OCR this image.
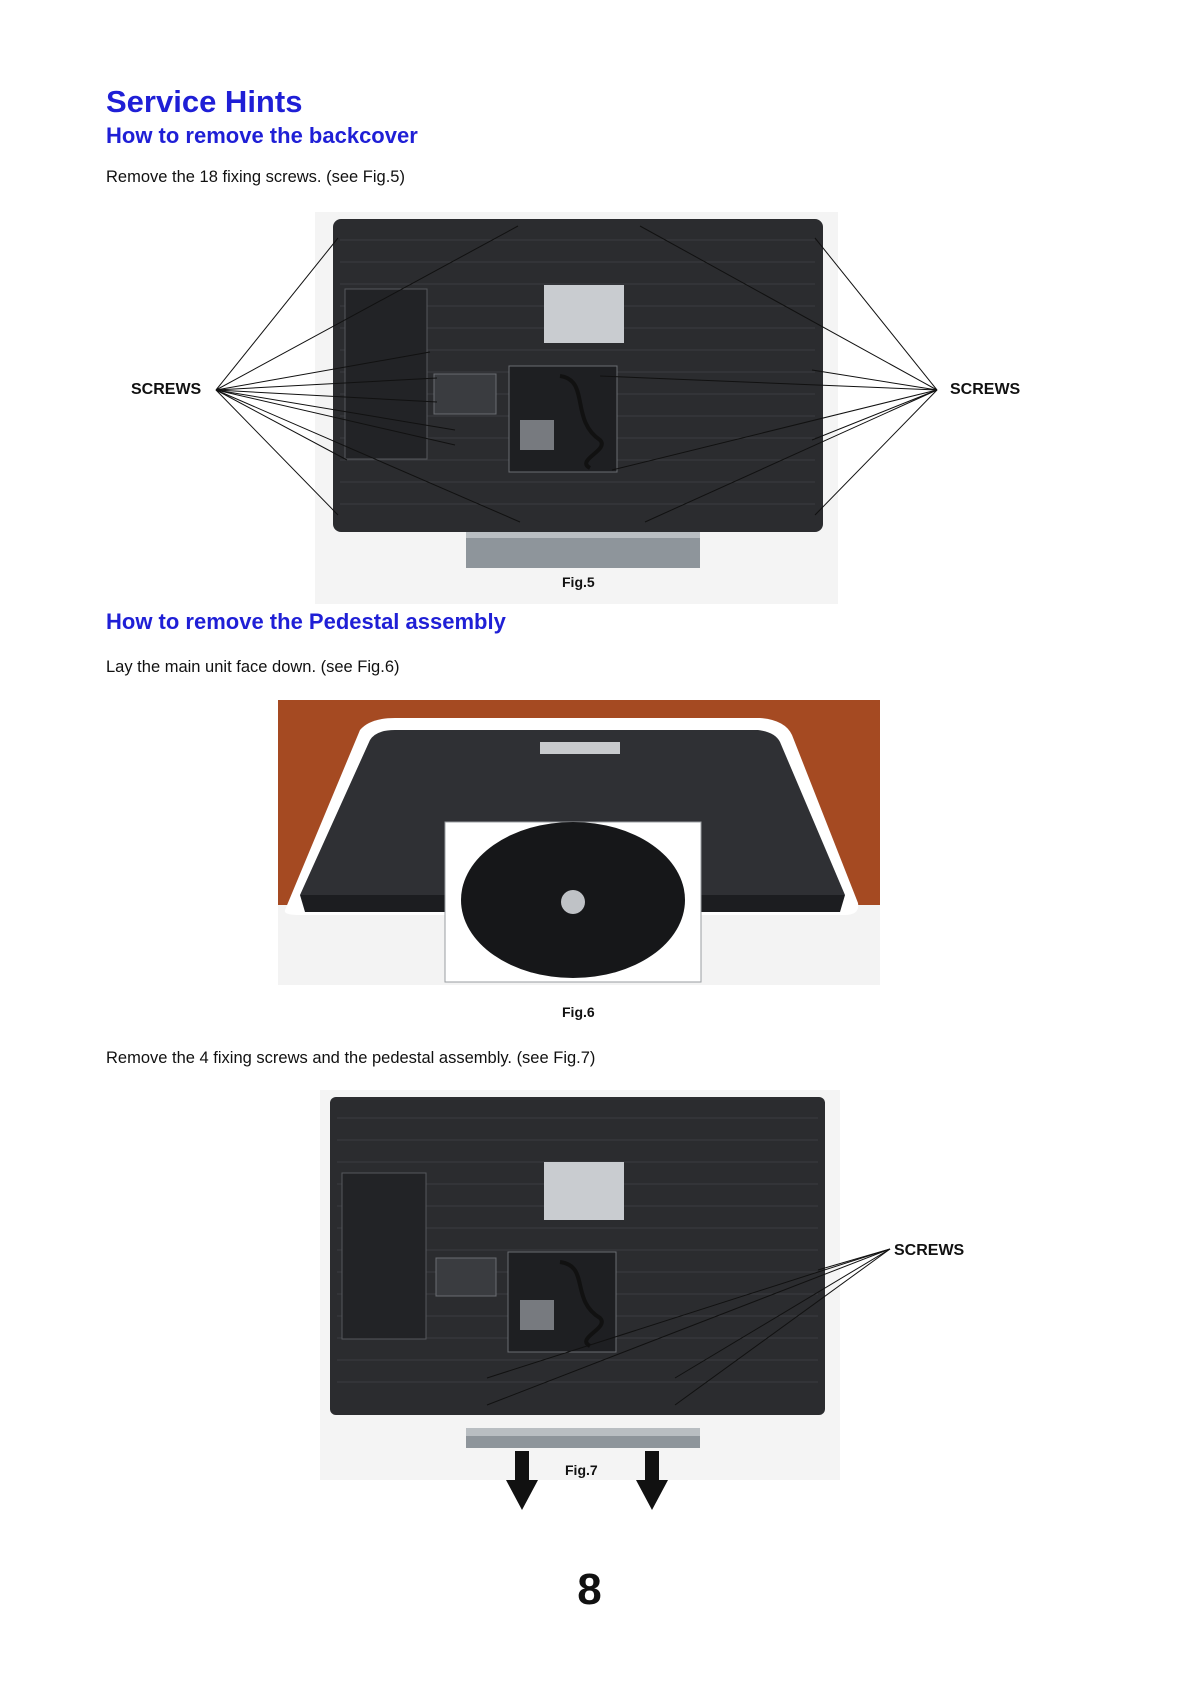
Service Hints
How to remove the backcover
Remove the 18 fixing screws. (see Fig.5)
SCREWS	SCREWS
Fig.5
How to remove the Pedestal assembly
Lay the main unit face down. (see Fig.6)
Fig.6
Remove the 4 fixing screws and the pedestal assembly. (see Fig.7)
SCREWS
Fig.7
8
